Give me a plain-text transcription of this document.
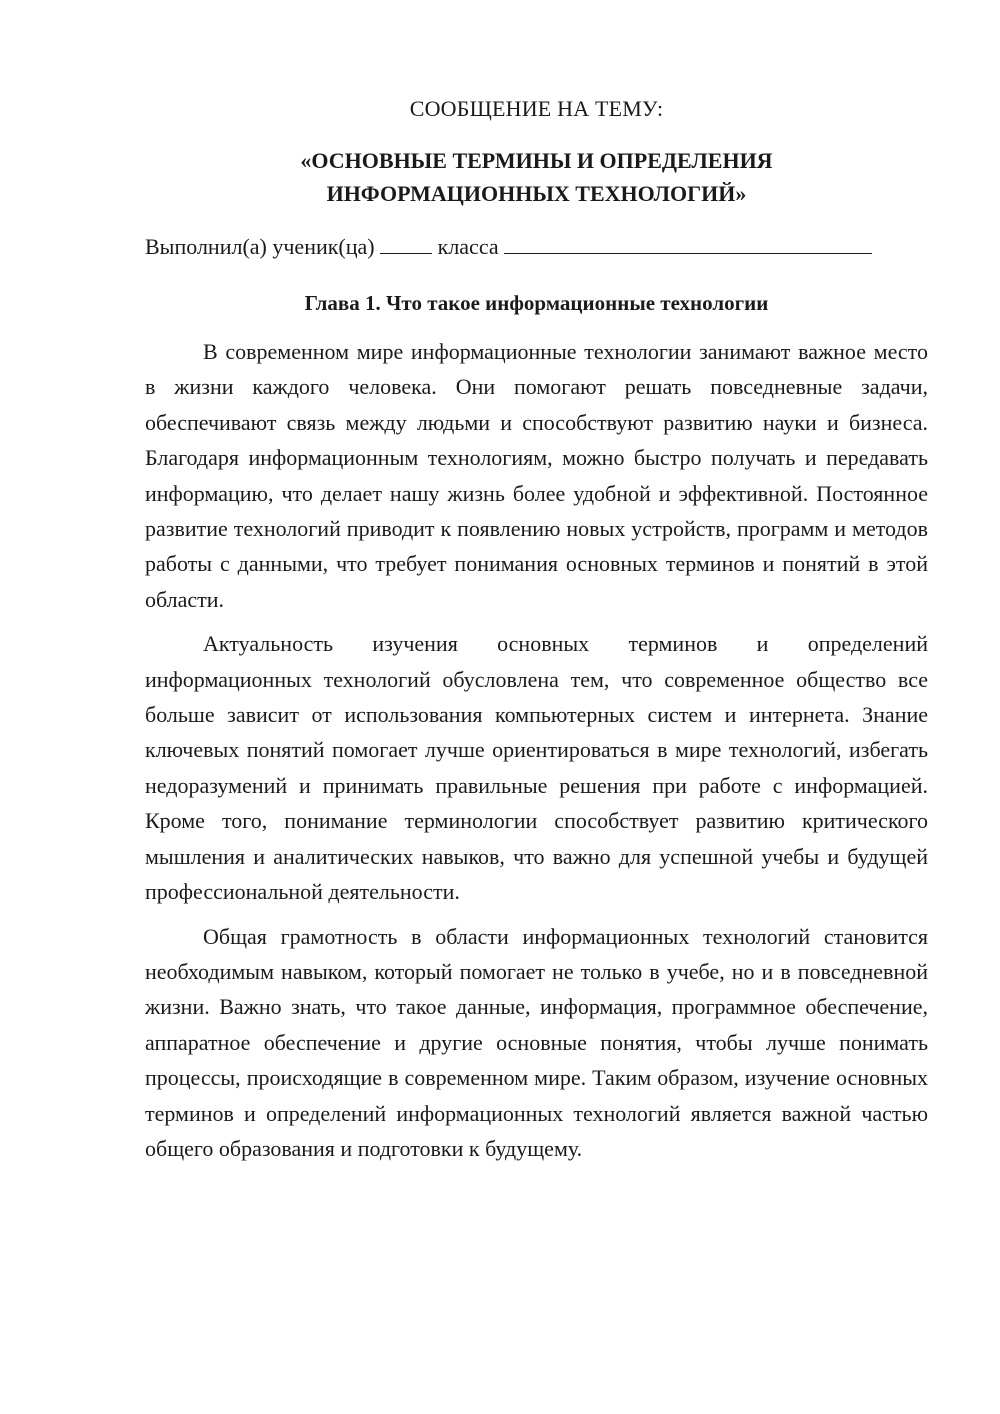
СООБЩЕНИЕ НА ТЕМУ:
«ОСНОВНЫЕ ТЕРМИНЫ И ОПРЕДЕЛЕНИЯ
ИНФОРМАЦИОННЫХ ТЕХНОЛОГИЙ»
Выполнил(а) ученик(ца)	класса
Глава 1. Что такое информационные технологии

В современном мире информационные технологии занимают важное место в жизни каждого человека. Они помогают решать повседневные задачи, обеспечивают связь между людьми и способствуют развитию науки и бизнеса. Благодаря информационным технологиям, можно быстро получать и передавать информацию, что делает нашу жизнь более удобной и эффективной. Постоянное развитие технологий приводит к появлению новых устройств, программ и методов работы с данными, что требует понимания основных терминов и понятий в этой области.

Актуальность изучения основных терминов и определений информационных технологий обусловлена тем, что современное общество все больше зависит от использования компьютерных систем и интернета. Знание ключевых понятий помогает лучше ориентироваться в мире технологий, избегать недоразумений и принимать правильные решения при работе с информацией. Кроме того, понимание терминологии способствует развитию критического мышления и аналитических навыков, что важно для успешной учебы и будущей профессиональной деятельности.

Общая грамотность в области информационных технологий становится необходимым навыком, который помогает не только в учебе, но и в повседневной жизни. Важно знать, что такое данные, информация, программное обеспечение, аппаратное обеспечение и другие основные понятия, чтобы лучше понимать процессы, происходящие в современном мире. Таким образом, изучение основных терминов и определений информационных технологий является важной частью общего образования и подготовки к будущему.
